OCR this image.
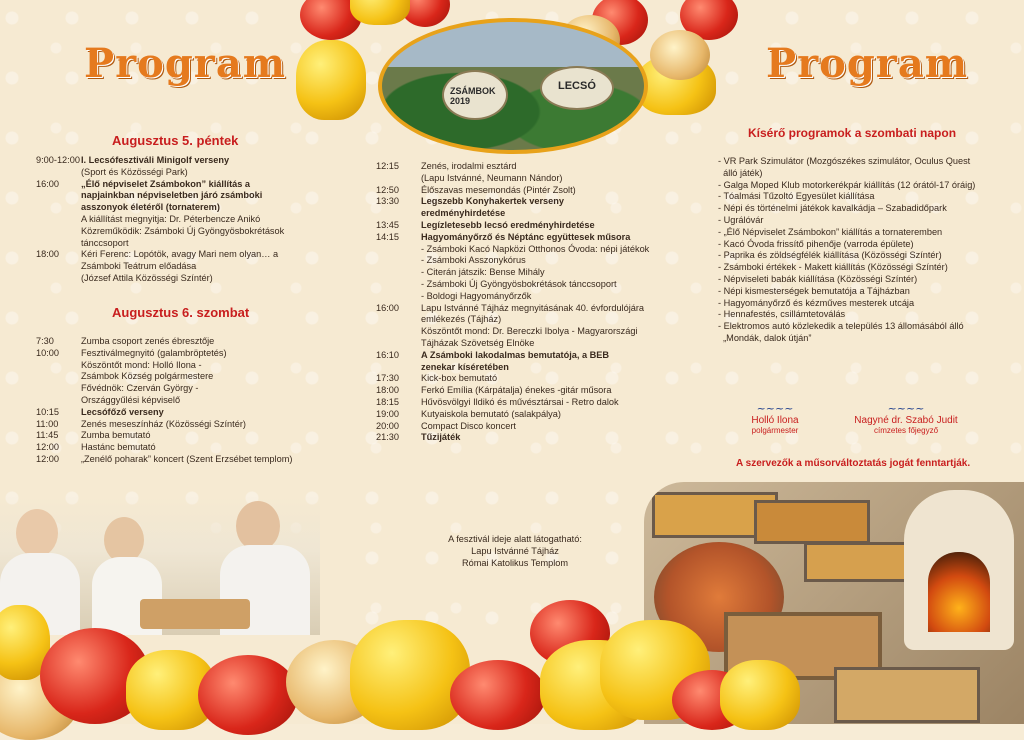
ZSÁMBOK 2019
LECSÓ
Program	Program
Augusztus 5. péntek
9:00-12:00 I. Lecsófesztiváli Minigolf verseny
(Sport és Közösségi Park)
16:00	„Élő népviselet Zsámbokon” kiállítás a
napjainkban népviseletben járó zsámboki
asszonyok életéről (tornaterem)
A kiállítást megnyitja: Dr. Péterbencze Anikó
Közreműködik: Zsámboki Új Gyöngyösbokrétások
tánccsoport
18:00	Kéri Ferenc: Lopótök, avagy Mari nem olyan… a
Zsámboki Teátrum előadása
(József Attila Közösségi Színtér)
Augusztus 6. szombat
7:30	Zumba csoport zenés ébresztője
10:00	Fesztiválmegnyitó (galambröptetés)
Köszöntőt mond: Holló Ilona -
Zsámbok Község polgármestere
Fővédnök: Czerván György -
Országgyűlési képviselő
10:15	Lecsófőző verseny
11:00	Zenés meseszínház (Közösségi Színtér)
11:45	Zumba bemutató
12:00	Hastánc bemutató
12:00	„Zenélő poharak” koncert (Szent Erzsébet templom)
12:15	Zenés, irodalmi esztárd
(Lapu Istvánné, Neumann Nándor)
12:50	Élőszavas mesemondás (Pintér Zsolt)
13:30	Legszebb Konyhakertek verseny
eredményhirdetése
13:45	Legízletesebb lecsó eredményhirdetése
14:15	Hagyományőrző és Néptánc együttesek műsora
- Zsámboki Kacó Napközi Otthonos Óvoda: népi játékok
- Zsámboki Asszonykórus
- Citerán játszik: Bense Mihály
- Zsámboki Új Gyöngyösbokrétások tánccsoport
- Boldogi Hagyományőrzők
16:00	Lapu Istvánné Tájház megnyitásának 40. évfordulójára
emlékezés (Tájház)
Köszöntőt mond: Dr. Bereczki Ibolya - Magyarországi
Tájházak Szövetség Elnöke
16:10	A Zsámboki lakodalmas bemutatója, a BEB
zenekar kíséretében
17:30	Kick-box bemutató
18:00	Ferkó Emília (Kárpátalja) énekes -gitár műsora
18:15	Hűvösvölgyi Ildikó és művésztársai - Retro dalok
19:00	Kutyaiskola bemutató (salakpálya)
20:00	Compact Disco koncert
21:30	Tűzijáték
A fesztivál ideje alatt látogatható:
Lapu Istvánné Tájház
Római Katolikus Templom
Kísérő programok a szombati napon
- VR Park Szimulátor (Mozgószékes szimulátor, Oculus Quest
álló játék)
- Galga Moped Klub motorkerékpár kiállítás (12 órától-17 óráig)
- Tóalmási Tűzoltó Egyesület kiállítása
- Népi és történelmi játékok kavalkádja – Szabadidőpark
- Ugrálóvár
- „Élő Népviselet Zsámbokon” kiállítás a tornateremben
- Kacó Óvoda frissítő pihenője (varroda épülete)
- Paprika és zöldségfélék kiállítása (Közösségi Színtér)
- Zsámboki értékek - Makett kiállítás (Közösségi Színtér)
- Népviseleti babák kiállítása (Közösségi Színtér)
- Népi kismesterségek bemutatója a Tájházban
- Hagyományőrző és kézműves mesterek utcája
- Hennafestés, csillámtetoválás
- Elektromos autó közlekedik a település 13 állomásából álló
„Mondák, dalok útján”
~~~~
Holló Ilona
polgármester
~~~~
Nagyné dr. Szabó Judit
címzetes főjegyző
A szervezők a műsorváltoztatás jogát fenntartják.
